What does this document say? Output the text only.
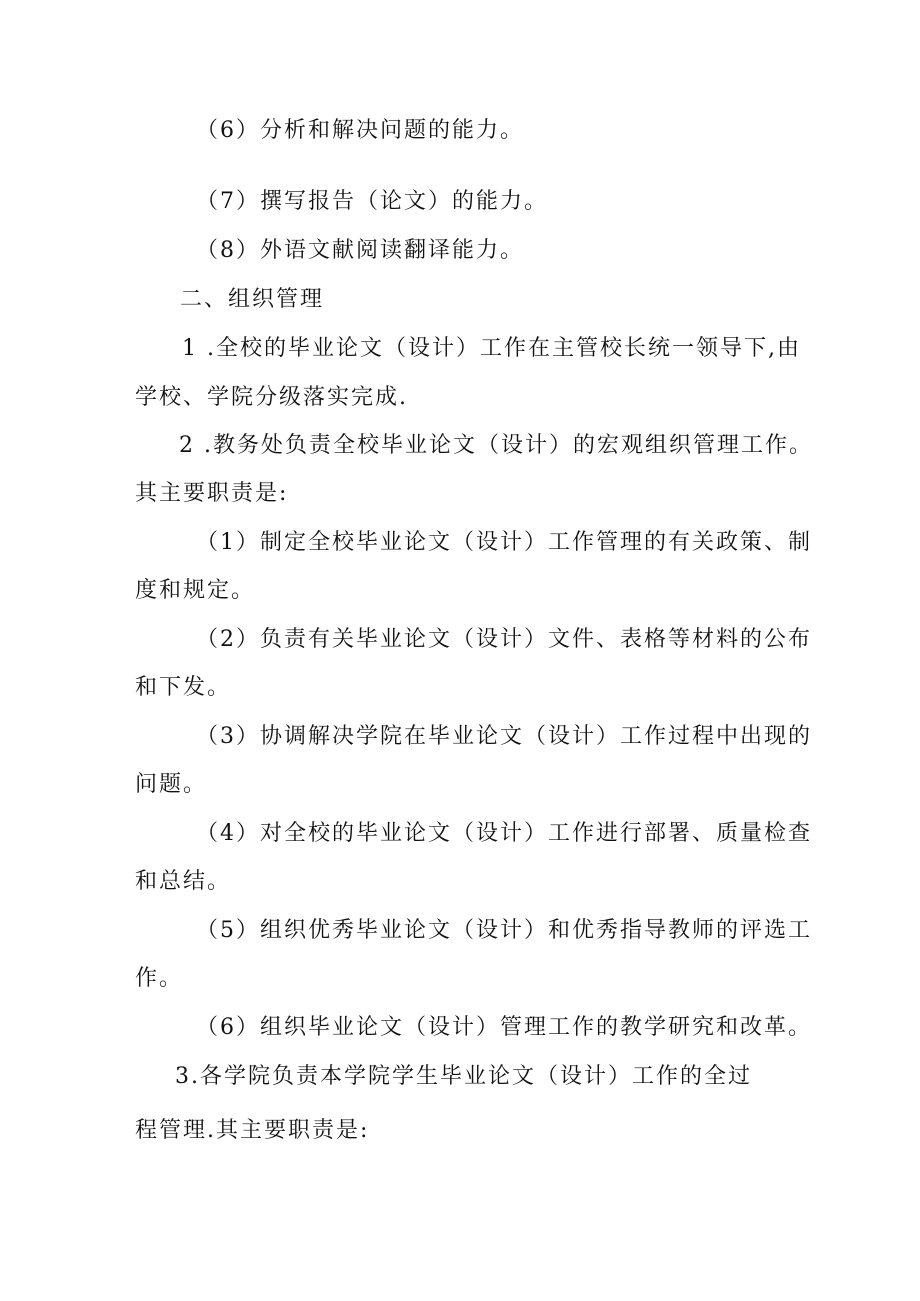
（6）分析和解决问题的能力。
（7）撰写报告（论文）的能力。
（8）外语文献阅读翻译能力。
二、组织管理
1 .全校的毕业论文（设计）工作在主管校长统一领导下,由
学校、学院分级落实完成.
2 .教务处负责全校毕业论文（设计）的宏观组织管理工作。
其主要职责是:
（1）制定全校毕业论文（设计）工作管理的有关政策、制
度和规定。
（2）负责有关毕业论文（设计）文件、表格等材料的公布
和下发。
（3）协调解决学院在毕业论文（设计）工作过程中出现的
问题。
（4）对全校的毕业论文（设计）工作进行部署、质量检查
和总结。
（5）组织优秀毕业论文（设计）和优秀指导教师的评选工
作。
（6）组织毕业论文（设计）管理工作的教学研究和改革。
3.各学院负责本学院学生毕业论文（设计）工作的全过
程管理.其主要职责是:
